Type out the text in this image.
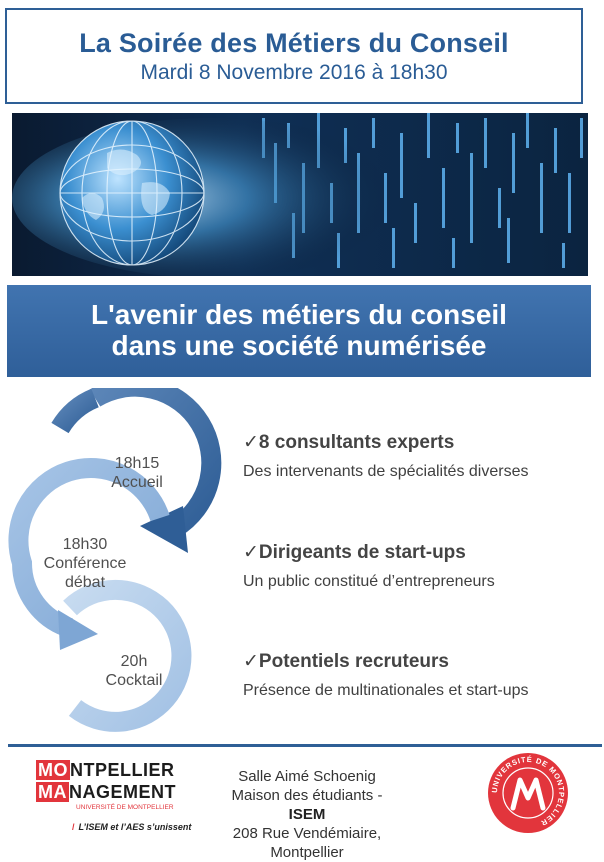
La Soirée des Métiers du Conseil
Mardi 8 Novembre 2016 à 18h30
L'avenir des métiers du conseil
dans une société numérisée
18h15
Accueil
18h30
Conférence
débat
20h
Cocktail
✓8 consultants experts
Des intervenants de spécialités diverses
✓Dirigeants de start-ups
Un public constitué d’entrepreneurs
✓Potentiels recruteurs
Présence de multinationales et start-ups
MO NTPELLIER
MA NAGEMENT
UNIVERSITÉ DE MONTPELLIER
/ L’ISEM et l’AES s’unissent
Salle Aimé Schoenig
Maison des étudiants - ISEM
208 Rue Vendémiaire, Montpellier
UNIVERSITÉ DE MONTPELLIER
